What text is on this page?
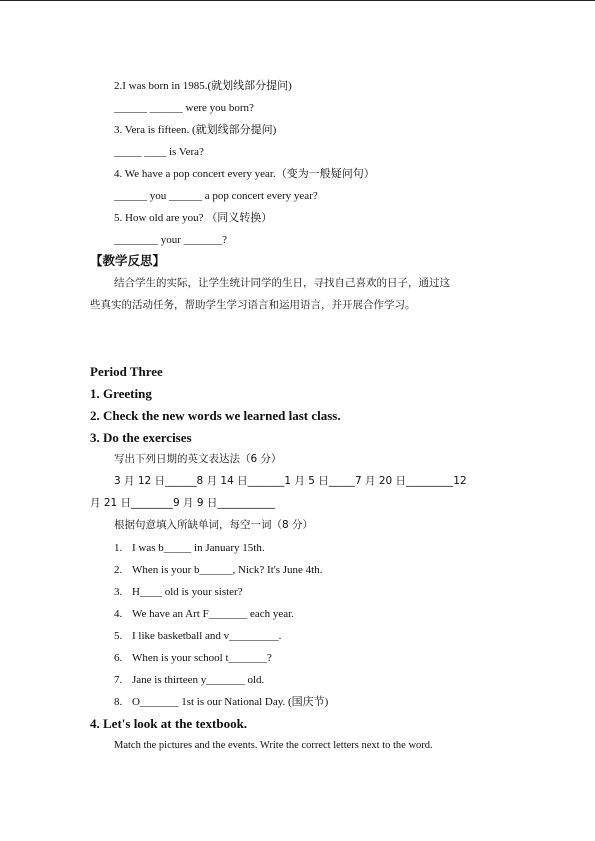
2.I was born in 1985.(就划线部分提问)
______ ______ were you born?
3. Vera is fifteen. (就划线部分提问)
_____ ____ is Vera?
4. We have a pop concert every year.（变为一般疑问句）
______ you ______ a pop concert every year?
5. How old are you? （同义转换）
________ your _______?
【教学反思】
结合学生的实际，让学生统计同学的生日，寻找自己喜欢的日子，通过这
些真实的活动任务，帮助学生学习语言和运用语言，并开展合作学习。
Period Three
1. Greeting
2. Check the new words we learned last class.
3. Do the exercises
写出下列日期的英文表达法（6 分）
3 月 12 日______8 月 14 日_______1 月 5 日_____7 月 20 日_________12
月 21 日________9 月 9 日___________
根据句意填入所缺单词，每空一词（8 分）
1. I was b_____ in January 15th.
2. When is your b______, Nick? It's June 4th.
3. H____ old is your sister?
4. We have an Art F_______ each year.
5. I like basketball and v_________.
6. When is your school t_______?
7. Jane is thirteen y_______ old.
8. O_______ 1st is our National Day. (国庆节)
4. Let's look at the textbook.
Match the pictures and the events. Write the correct letters next to the word.
